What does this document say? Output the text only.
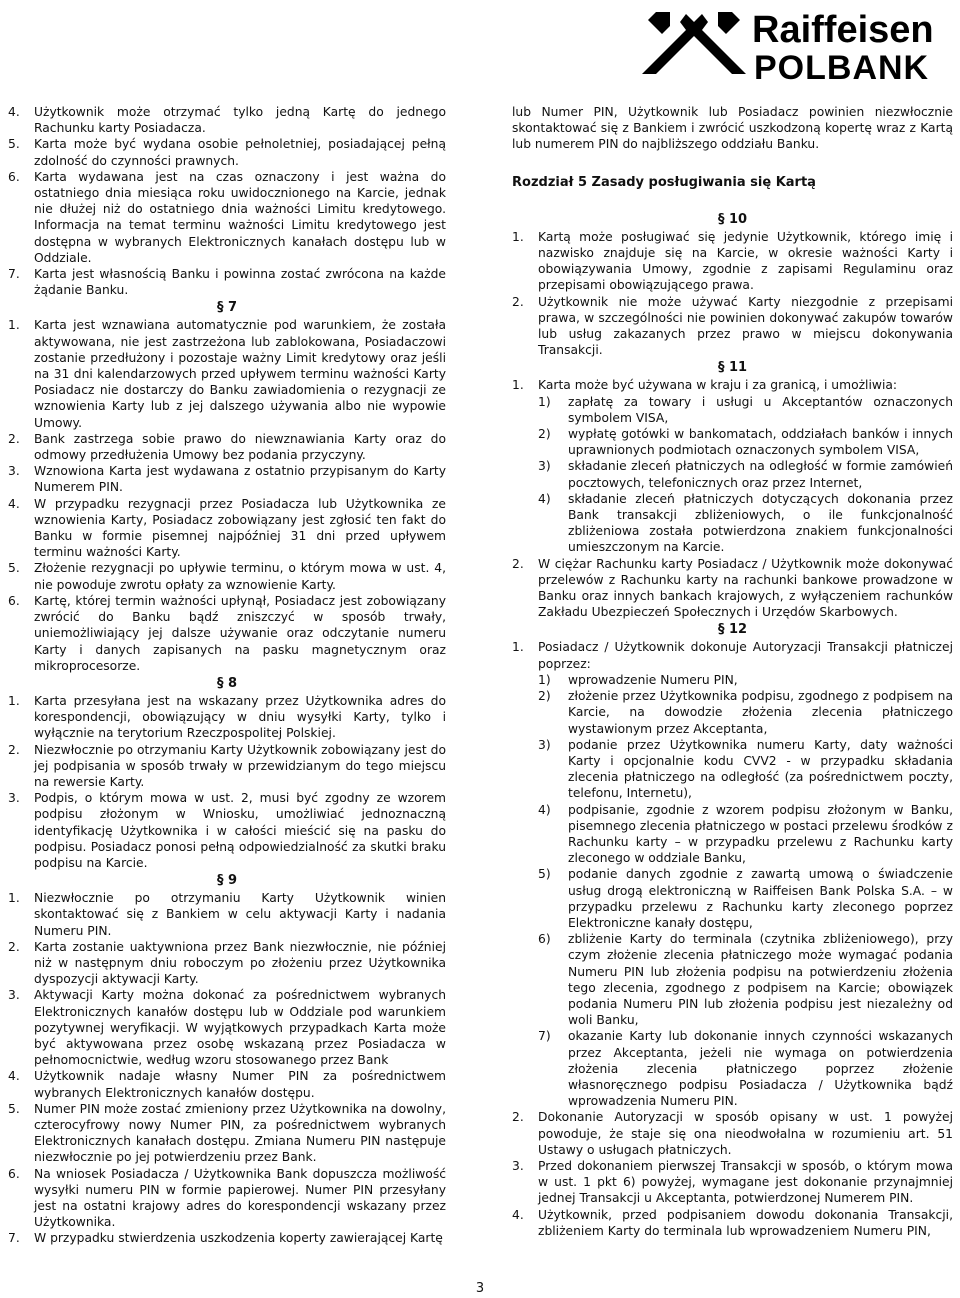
Raiffeisen
POLBANK
4.	Użytkownik może otrzymać tylko jedną Kartę do jednego Rachunku karty Posiadacza.
5.	Karta może być wydana osobie pełnoletniej, posiadającej pełną zdolność do czynności prawnych.
6.	Karta wydawana jest na czas oznaczony i jest ważna do ostatniego dnia miesiąca roku uwidocznionego na Karcie, jednak nie dłużej niż do ostatniego dnia ważności Limitu kredytowego. Informacja na temat terminu ważności Limitu kredytowego jest dostępna w wybranych Elektronicznych kanałach dostępu lub w Oddziale.
7.	Karta jest własnością Banku i powinna zostać zwrócona na każde żądanie Banku.
§ 7
1.	Karta jest wznawiana automatycznie pod warunkiem, że została aktywowana, nie jest zastrzeżona lub zablokowana, Posiadaczowi zostanie przedłużony i pozostaje ważny Limit kredytowy oraz jeśli na 31 dni kalendarzowych przed upływem terminu ważności Karty Posiadacz nie dostarczy do Banku zawiadomienia o rezygnacji ze wznowienia Karty lub z jej dalszego używania albo nie wypowie Umowy.
2.	Bank zastrzega sobie prawo do niewznawiania Karty oraz do odmowy przedłużenia Umowy bez podania przyczyny.
3.	Wznowiona Karta jest wydawana z ostatnio przypisanym do Karty Numerem PIN.
4.	W przypadku rezygnacji przez Posiadacza lub Użytkownika ze wznowienia Karty, Posiadacz zobowiązany jest zgłosić ten fakt do Banku w formie pisemnej najpóźniej 31 dni przed upływem terminu ważności Karty.
5.	Złożenie rezygnacji po upływie terminu, o którym mowa w ust. 4, nie powoduje zwrotu opłaty za wznowienie Karty.
6.	Kartę, której termin ważności upłynął, Posiadacz jest zobowiązany zwrócić do Banku bądź zniszczyć w sposób trwały, uniemożliwiający jej dalsze używanie oraz odczytanie numeru Karty i danych zapisanych na pasku magnetycznym oraz mikroprocesorze.
§ 8
1.	Karta przesyłana jest na wskazany przez Użytkownika adres do korespondencji, obowiązujący w dniu wysyłki Karty, tylko i wyłącznie na terytorium Rzeczpospolitej Polskiej.
2.	Niezwłocznie po otrzymaniu Karty Użytkownik zobowiązany jest do jej podpisania w sposób trwały w przewidzianym do tego miejscu na rewersie Karty.
3.	Podpis, o którym mowa w ust. 2, musi być zgodny ze wzorem podpisu złożonym w Wniosku, umożliwiać jednoznaczną identyfikację Użytkownika i w całości mieścić się na pasku do podpisu. Posiadacz ponosi pełną odpowiedzialność za skutki braku podpisu na Karcie.
§ 9
1.	Niezwłocznie po otrzymaniu Karty Użytkownik winien skontaktować się z Bankiem w celu aktywacji Karty i nadania Numeru PIN.
2.	Karta zostanie uaktywniona przez Bank niezwłocznie, nie później niż w następnym dniu roboczym po złożeniu przez Użytkownika dyspozycji aktywacji Karty.
3.	Aktywacji Karty można dokonać za pośrednictwem wybranych Elektronicznych kanałów dostępu lub w Oddziale pod warunkiem pozytywnej weryfikacji. W wyjątkowych przypadkach Karta może być aktywowana przez osobę wskazaną przez Posiadacza w pełnomocnictwie, według wzoru stosowanego przez Bank
4.	Użytkownik nadaje własny Numer PIN za pośrednictwem wybranych Elektronicznych kanałów dostępu.
5.	Numer PIN może zostać zmieniony przez Użytkownika na dowolny, czterocyfrowy nowy Numer PIN, za pośrednictwem wybranych Elektronicznych kanałach dostępu. Zmiana Numeru PIN następuje niezwłocznie po jej potwierdzeniu przez Bank.
6.	Na wniosek Posiadacza / Użytkownika Bank dopuszcza możliwość wysyłki numeru PIN w formie papierowej. Numer PIN przesyłany jest na ostatni krajowy adres do korespondencji wskazany przez Użytkownika.
7.	W przypadku stwierdzenia uszkodzenia koperty zawierającej Kartę

lub Numer PIN, Użytkownik lub Posiadacz powinien niezwłocznie skontaktować się z Bankiem i zwrócić uszkodzoną kopertę wraz z Kartą lub numerem PIN do najbliższego oddziału Banku.

Rozdział 5 Zasady posługiwania się Kartą
§ 10
1.	Kartą może posługiwać się jedynie Użytkownik, którego imię i nazwisko znajduje się na Karcie, w okresie ważności Karty i obowiązywania Umowy, zgodnie z zapisami Regulaminu oraz przepisami obowiązującego prawa.
2.	Użytkownik nie może używać Karty niezgodnie z przepisami prawa, w szczególności nie powinien dokonywać zakupów towarów lub usług zakazanych przez prawo w miejscu dokonywania Transakcji.
§ 11
1.	Karta może być używana w kraju i za granicą, i umożliwia:
1)	zapłatę za towary i usługi u Akceptantów oznaczonych symbolem VISA,
2)	wypłatę gotówki w bankomatach, oddziałach banków i innych uprawnionych podmiotach oznaczonych symbolem VISA,
3)	składanie zleceń płatniczych na odległość w formie zamówień pocztowych, telefonicznych oraz przez Internet,
4)	składanie zleceń płatniczych dotyczących dokonania przez Bank transakcji zbliżeniowych, o ile funkcjonalność zbliżeniowa została potwierdzona znakiem funkcjonalności umieszczonym na Karcie.
2.	W ciężar Rachunku karty Posiadacz / Użytkownik może dokonywać przelewów z Rachunku karty na rachunki bankowe prowadzone w Banku oraz innych bankach krajowych, z wyłączeniem rachunków Zakładu Ubezpieczeń Społecznych i Urzędów Skarbowych.
§ 12
1.	Posiadacz / Użytkownik dokonuje Autoryzacji Transakcji płatniczej poprzez:
1)	wprowadzenie Numeru PIN,
2)	złożenie przez Użytkownika podpisu, zgodnego z podpisem na Karcie, na dowodzie złożenia zlecenia płatniczego wystawionym przez Akceptanta,
3)	podanie przez Użytkownika numeru Karty, daty ważności Karty i opcjonalnie kodu CVV2 - w przypadku składania zlecenia płatniczego na odległość (za pośrednictwem poczty, telefonu, Internetu),
4)	podpisanie, zgodnie z wzorem podpisu złożonym w Banku, pisemnego zlecenia płatniczego w postaci przelewu środków z Rachunku karty – w przypadku przelewu z Rachunku karty zleconego w oddziale Banku,
5)	podanie danych zgodnie z zawartą umową o świadczenie usług drogą elektroniczną w Raiffeisen Bank Polska S.A. – w przypadku przelewu z Rachunku karty zleconego poprzez Elektroniczne kanały dostępu,
6)	zbliżenie Karty do terminala (czytnika zbliżeniowego), przy czym złożenie zlecenia płatniczego może wymagać podania Numeru PIN lub złożenia podpisu na potwierdzeniu złożenia tego zlecenia, zgodnego z podpisem na Karcie; obowiązek podania Numeru PIN lub złożenia podpisu jest niezależny od woli Banku,
7)	okazanie Karty lub dokonanie innych czynności wskazanych przez Akceptanta, jeżeli nie wymaga on potwierdzenia złożenia zlecenia płatniczego poprzez złożenie własnoręcznego podpisu Posiadacza / Użytkownika bądź wprowadzenia Numeru PIN.
2.	Dokonanie Autoryzacji w sposób opisany w ust. 1 powyżej powoduje, że staje się ona nieodwołalna w rozumieniu art. 51 Ustawy o usługach płatniczych.
3.	Przed dokonaniem pierwszej Transakcji w sposób, o którym mowa w ust. 1 pkt 6) powyżej, wymagane jest dokonanie przynajmniej jednej Transakcji u Akceptanta, potwierdzonej Numerem PIN.
4.	Użytkownik, przed podpisaniem dowodu dokonania Transakcji, zbliżeniem Karty do terminala lub wprowadzeniem Numeru PIN,
3
